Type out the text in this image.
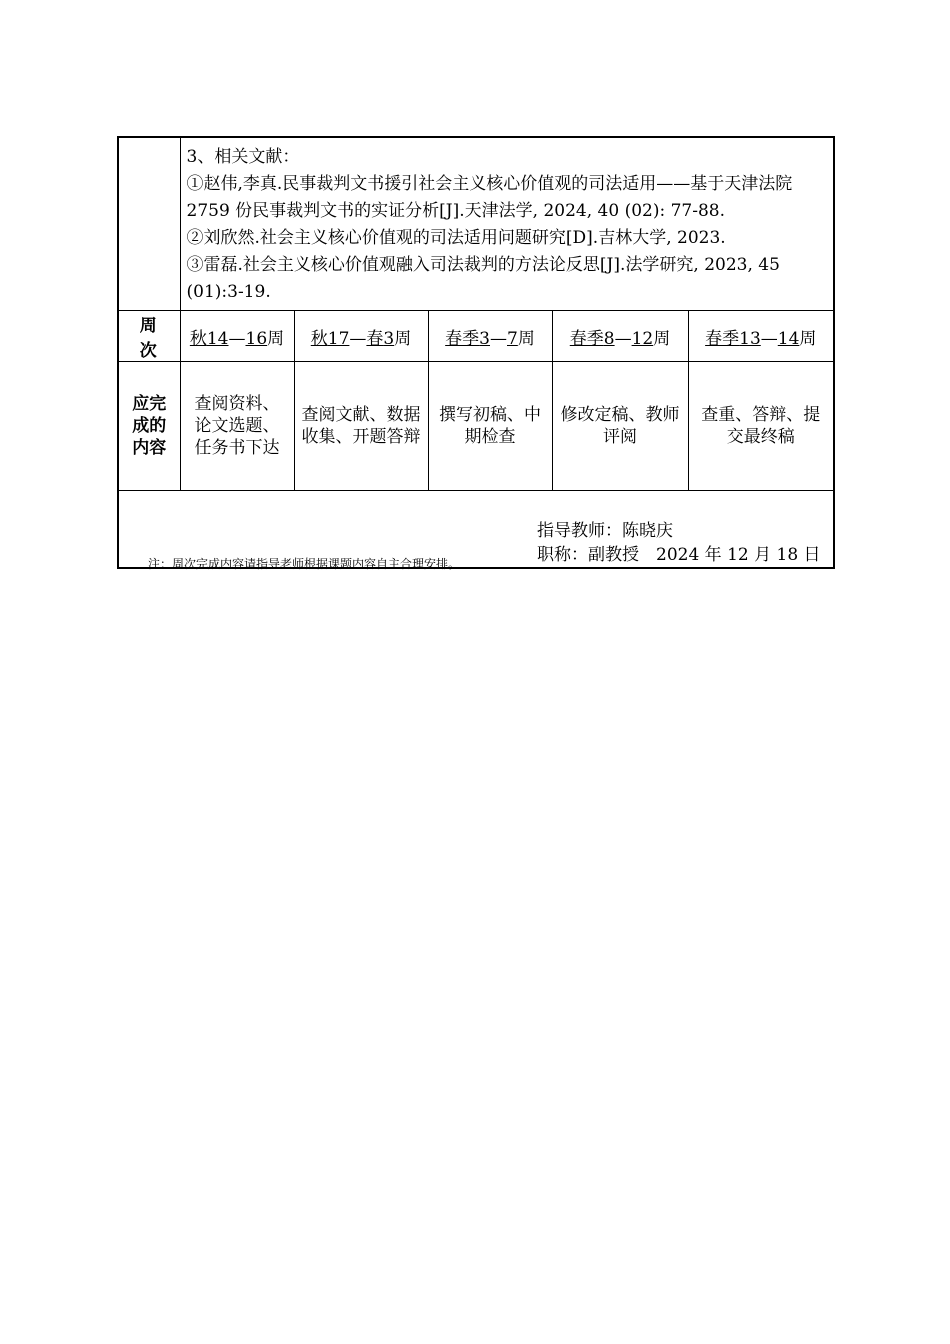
	3、相关文献：

①赵伟,李真.民事裁判文书援引社会主义核心价值观的司法适用——基于天津法院 2759 份民事裁判文书的实证分析[J].天津法学, 2024, 40 (02): 77-88.

②刘欣然.社会主义核心价值观的司法适用问题研究[D].吉林大学, 2023.

③雷磊.社会主义核心价值观融入司法裁判的方法论反思[J].法学研究, 2023, 45 (01):3-19.				

周次	秋14—16周	秋17—春3周	春季3—7周	春季8—12周	春季13—14周

应完成的内容	查阅资料、论文选题、任务书下达	查阅文献、数据收集、开题答辩	撰写初稿、中期检查	修改定稿、教师评阅	查重、答辩、提交最终稿

指导教师：陈晓庆
职称：副教授　2024 年 12 月 18 日					
注：周次完成内容请指导老师根据课题内容自主合理安排。
